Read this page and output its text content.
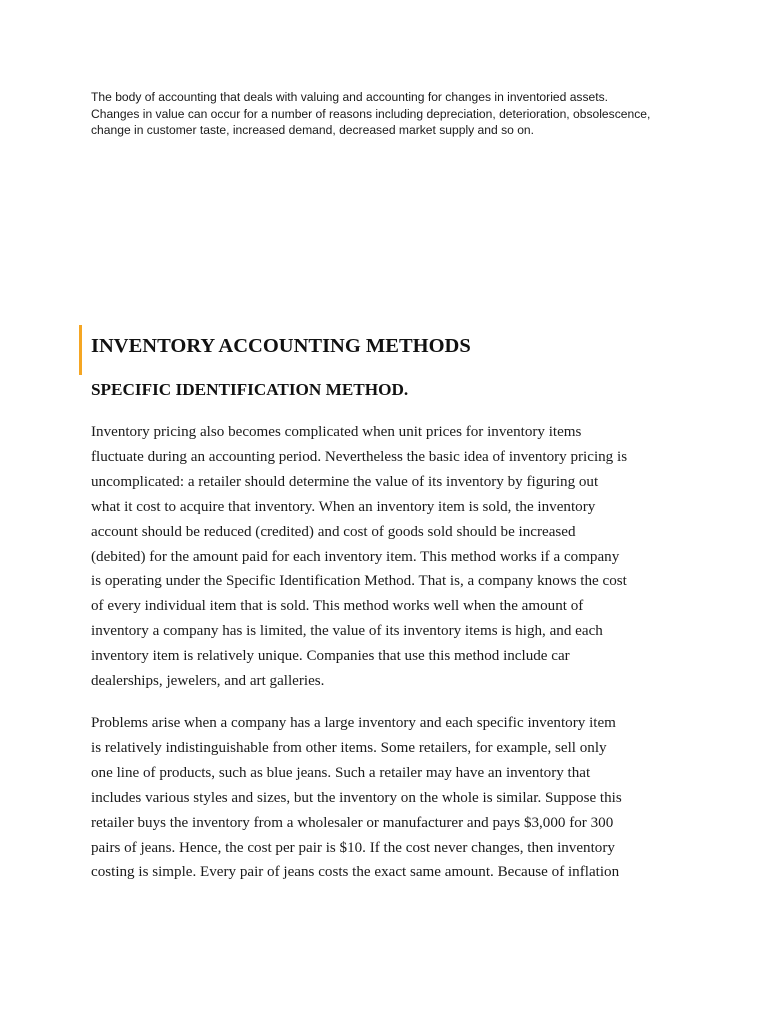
The body of accounting that deals with valuing and accounting for changes in inventoried assets.
Changes in value can occur for a number of reasons including depreciation, deterioration, obsolescence,
change in customer taste, increased demand, decreased market supply and so on.

INVENTORY ACCOUNTING METHODS
SPECIFIC IDENTIFICATION METHOD.

Inventory pricing also becomes complicated when unit prices for inventory items
fluctuate during an accounting period. Nevertheless the basic idea of inventory pricing is
uncomplicated: a retailer should determine the value of its inventory by figuring out
what it cost to acquire that inventory. When an inventory item is sold, the inventory
account should be reduced (credited) and cost of goods sold should be increased
(debited) for the amount paid for each inventory item. This method works if a company
is operating under the Specific Identification Method. That is, a company knows the cost
of every individual item that is sold. This method works well when the amount of
inventory a company has is limited, the value of its inventory items is high, and each
inventory item is relatively unique. Companies that use this method include car
dealerships, jewelers, and art galleries.

Problems arise when a company has a large inventory and each specific inventory item
is relatively indistinguishable from other items. Some retailers, for example, sell only
one line of products, such as blue jeans. Such a retailer may have an inventory that
includes various styles and sizes, but the inventory on the whole is similar. Suppose this
retailer buys the inventory from a wholesaler or manufacturer and pays $3,000 for 300
pairs of jeans. Hence, the cost per pair is $10. If the cost never changes, then inventory
costing is simple. Every pair of jeans costs the exact same amount. Because of inflation
